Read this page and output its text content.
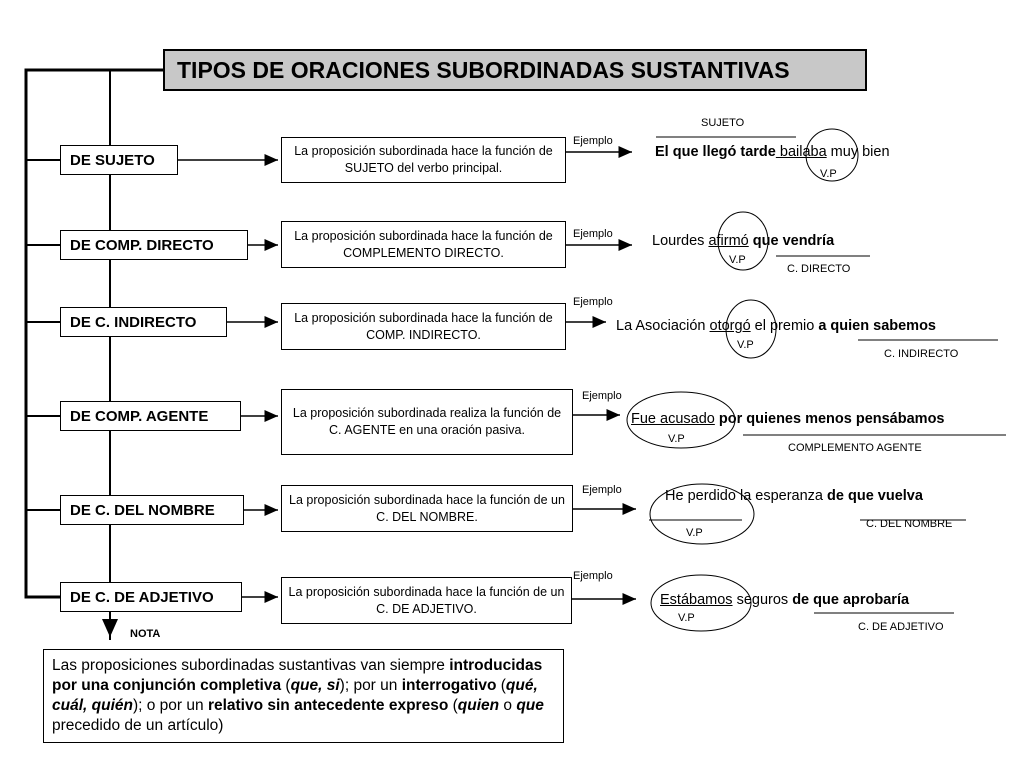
TIPOS DE ORACIONES SUBORDINADAS SUSTANTIVAS
DE SUJETO
DE COMP. DIRECTO
DE C. INDIRECTO
DE COMP. AGENTE
DE C. DEL NOMBRE
DE C. DE ADJETIVO
La proposición subordinada hace la función de SUJETO del verbo principal.
La proposición subordinada hace la función de COMPLEMENTO DIRECTO.
La proposición subordinada hace la función de COMP. INDIRECTO.
La proposición subordinada realiza la función de C. AGENTE en una oración pasiva.
La proposición subordinada hace la función de un C. DEL NOMBRE.
La proposición subordinada hace la función de un C. DE ADJETIVO.
Ejemplo
Ejemplo
Ejemplo
Ejemplo
Ejemplo
Ejemplo
SUJETO
El que llegó tarde bailaba muy bien
V.P
Lourdes afirmó que vendría
V.P
C. DIRECTO
La Asociación otorgó el premio a quien sabemos
V.P
C. INDIRECTO
Fue acusado por quienes menos pensábamos
V.P
COMPLEMENTO AGENTE
He perdido la esperanza de que vuelva
V.P
C. DEL NOMBRE
Estábamos seguros de que aprobaría
V.P
C. DE ADJETIVO
NOTA
Las proposiciones subordinadas sustantivas van siempre introducidas por una conjunción completiva (que, si); por un interrogativo (qué, cuál, quién); o por un relativo sin antecedente expreso (quien o que precedido de un artículo)
